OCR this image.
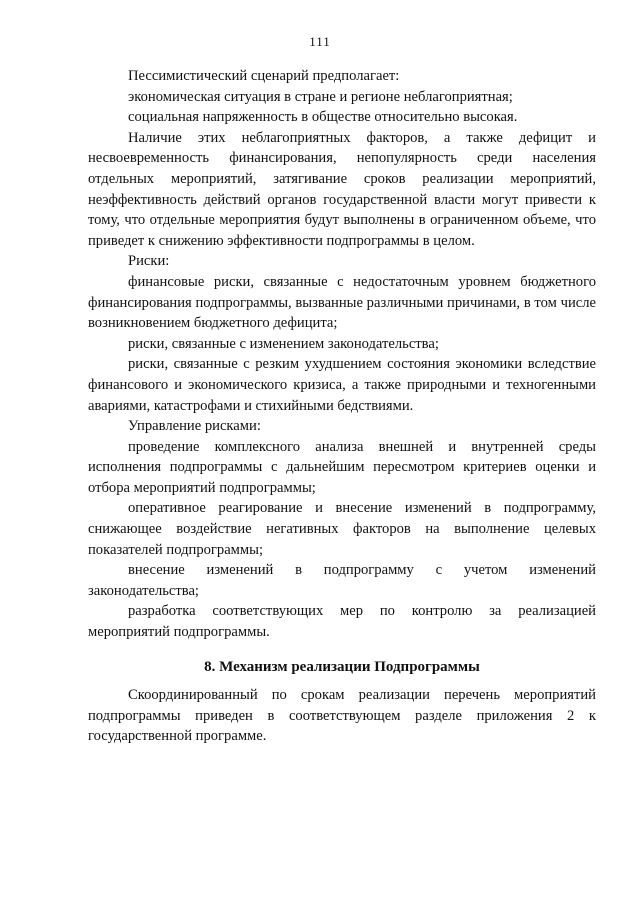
111

Пессимистический сценарий предполагает:

экономическая ситуация в стране и регионе неблагоприятная;

социальная напряженность в обществе относительно высокая.

Наличие этих неблагоприятных факторов, а также дефицит и несвоевременность финансирования, непопулярность среди населения отдельных мероприятий, затягивание сроков реализации мероприятий, неэффективность действий органов государственной власти могут привести к тому, что отдельные мероприятия будут выполнены в ограниченном объеме, что приведет к снижению эффективности подпрограммы в целом.

Риски:

финансовые риски, связанные с недостаточным уровнем бюджетного финансирования подпрограммы, вызванные различными причинами, в том числе возникновением бюджетного дефицита;

риски, связанные с изменением законодательства;

риски, связанные с резким ухудшением состояния экономики вследствие финансового и экономического кризиса, а также природными и техногенными авариями, катастрофами и стихийными бедствиями.

Управление рисками:

проведение комплексного анализа внешней и внутренней среды исполнения подпрограммы с дальнейшим пересмотром критериев оценки и отбора мероприятий подпрограммы;

оперативное реагирование и внесение изменений в подпрограмму, снижающее воздействие негативных факторов на выполнение целевых показателей подпрограммы;

внесение изменений в подпрограмму с учетом изменений законодательства;

разработка соответствующих мер по контролю за реализацией мероприятий подпрограммы.

8. Механизм реализации Подпрограммы

Скоординированный по срокам реализации перечень мероприятий подпрограммы приведен в соответствующем разделе приложения 2 к государственной программе.
